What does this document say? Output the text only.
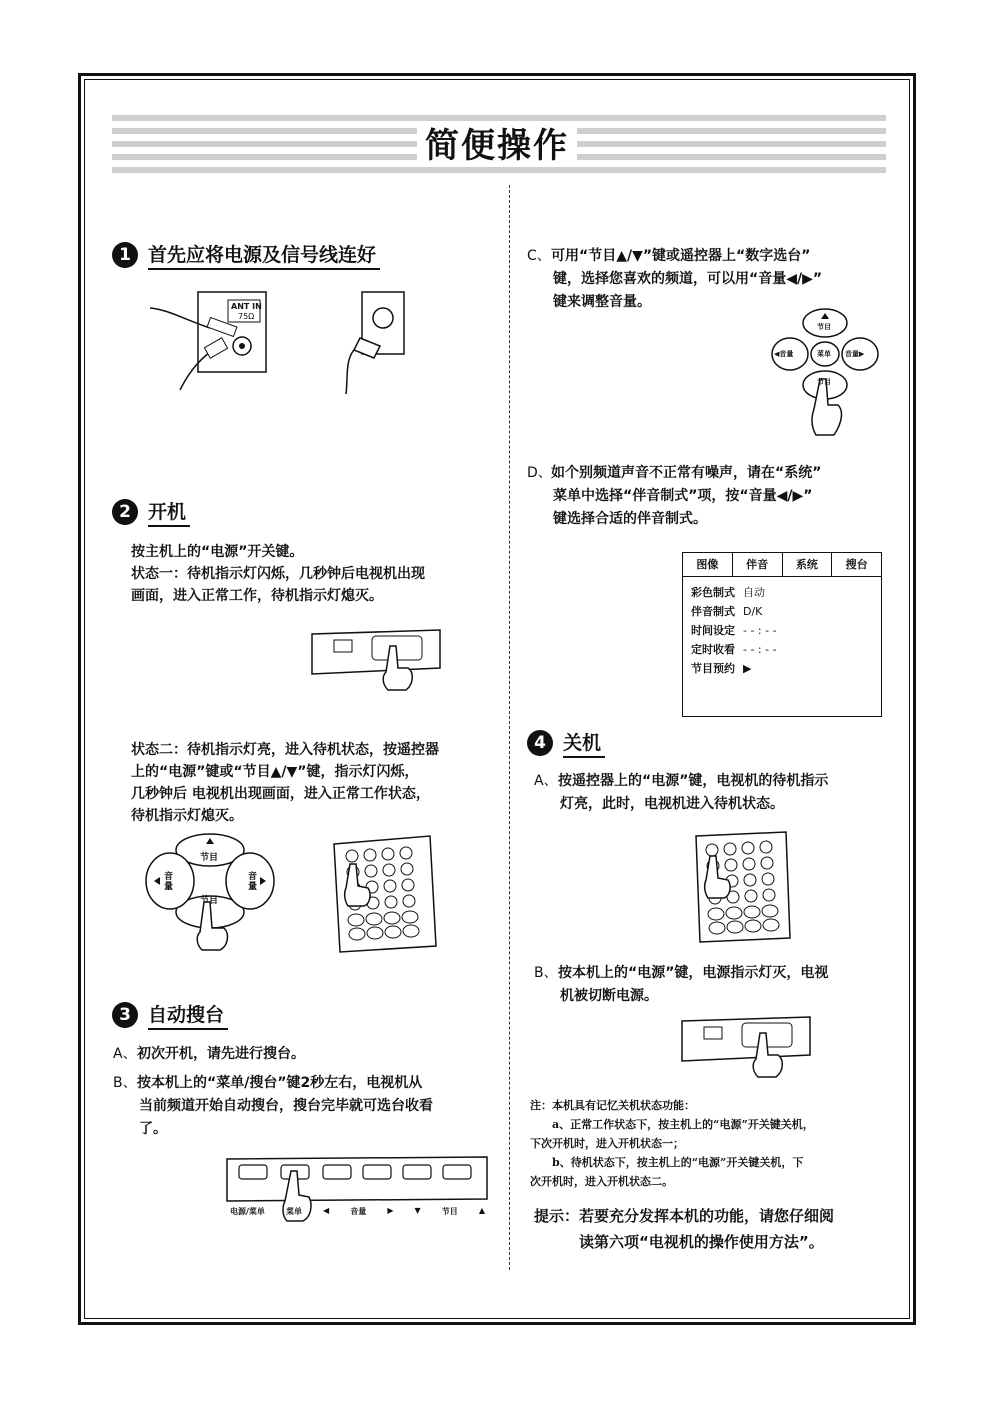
简便操作
1 首先应将电源及信号线连好
ANT IN
75Ω
2 开机
按主机上的“电源”开关键。
状态一：待机指示灯闪烁，几秒钟后电视机出现
画面，进入正常工作，待机指示灯熄灭。
状态二：待机指示灯亮，进入待机状态，按遥控器
上的“电源”键或“节目▲/▼”键，指示灯闪烁，
几秒钟后 电视机出现画面，进入正常工作状态，
待机指示灯熄灭。
节目
节目
音量
音量
3 自动搜台
A、初次开机，请先进行搜台。
B、按本机上的“菜单/搜台”键2秒左右，电视机从
当前频道开始自动搜台，搜台完毕就可选台收看
了。
电源/菜单	菜单	◀	音量	▶	▼	节目	▲
C、可用“节目▲/▼”键或遥控器上“数字选台”
键，选择您喜欢的频道，可以用“音量◀/▶”
键来调整音量。
节目
节目
◀音量	音量▶
菜单
D、如个别频道声音不正常有噪声，请在“系统”
菜单中选择“伴音制式”项，按“音量◀/▶”
键选择合适的伴音制式。
图像	伴音	系统	搜台
彩色制式 自动
伴音制式 D/K
时间设定 - - : - -
定时收看 - - : - -
节目预约 ▶
4 关机
A、按遥控器上的“电源”键，电视机的待机指示
灯亮，此时，电视机进入待机状态。
B、按本机上的“电源”键，电源指示灯灭，电视
机被切断电源。
注：本机具有记忆关机状态功能：
　　a、正常工作状态下，按主机上的“电源”开关键关机，
下次开机时，进入开机状态一；
　　b、待机状态下，按主机上的“电源”开关键关机，下
次开机时，进入开机状态二。
提示：若要充分发挥本机的功能，请您仔细阅
　　　读第六项“电视机的操作使用方法”。
